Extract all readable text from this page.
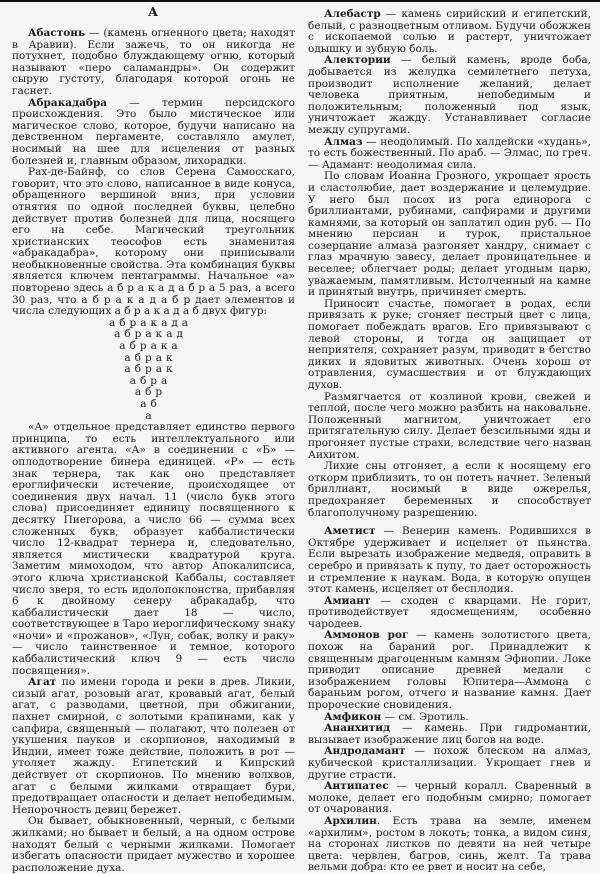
А

Абастонь — (камень огненного цвета; находят в Аравии). Если зажечь, то он никогда не потухнет, подобно блуждающему огню, который называют «перо саламандры». Он содержит сырую густоту, благодаря которой огонь не гаснет.

Абракадабра — термин персидского происхождения. Это было мистическое или магическое слово, которое, будучи написано на девственном пергаменте, составляло амулет, носимый на шее для исцеления от разных болезней и, главным образом, лихорадки.

Рах-де-Байнф, со слов Серена Самосскаго, говорит, что это слово, написанное в виде конуса, обращенного вершиной вниз, при условии отнятия по одной последней буквы, целебно действует против болезней для лица, носящего его на себе. Магический треугольник христианских теософов есть знаменитая «абракадабра», которому они приписывали необыкновенные свойства. Эта комбинация буквы является ключем пентаграммы. Начальное «а» повторено здесь а б р а к а д а б р а 5 раз, а всего 30 раз, что а б р а к а д а б р дает элементов и числа следующих а б р а к а д а б двух фигур:

абракада
абракад
абрака
абрак
абрак
абра
абр
аб
а

«А» отдельное представляет единство первого принципа, то есть интеллектуального или активного агента. «А» в соединении с «Б» — оплодотворение бинера единицей. «Р» — есть знак тернера, так как оно представляет ероглифически истечение, происходящее от соединения двух начал. 11 (число букв этого слова) присоединяет единицу посвященного к десятку Пиегорова, а число 66 — сумма всех сложенных букв, образует каббалистически число 12-квадрат тернера и, следовательно, является мистически квадратурой круга. Заметим мимоходом, что автор Апокалипсиса, этого ключа христианской Каббалы, составляет число зверя, то есть идолопоклонства, прибавляя 6 к двойному сенеру абракадабр, что каббалистически дает 18 — число, соответствующее в Таро иероглифическому знаку «ночи» и «прожанов», «Лун, собак, волку и раку» — число таинственное и темное, которого каббалистический ключ 9 — есть число посвящения».

Агат по имени города и реки в древ. Ликии, сизый агат, розовый агат, кровавый агат, белый агат, с разводами, цветной, при обжигании, пахнет смирной, с золотыми крапинами, как у сапфира, священный — полагают, что полезен от укушения пауков и скорпионов, находимый в Индии, имеет тоже действие, положить в рот — утоляет жажду. Египетский и Кипрский действует от скорпионов. По мнению волхвов, агат с белыми жилками отвращает бури, предотвращает опасности и делает непобедимым. Непорочность девиц бережет.

Он бывает, обыкновенный, черный, с белыми жилками; но бывает и белый, а на одном острове находят белый с черными жилками. Помогает избегать опасности придает мужество и хорошее расположение духа.

Алебастр — камень сирийский и египетский, белый, с разноцветным отливом. Будучи обожжен с ископаемой солью и растерт, уничтожает одышку и зубную боль.

Алектории — белый камень, вроде боба, добывается из желудка семилетнего петуха, производит исполнение желаний, делает человека приятным, непобедимым и положительным; положенный под язык, уничтожает жажду. Устанавливает согласие между супругами.

Алмаз — неодолимый. По халдейски «худань», то есть божественный. По араб. — Элмас, по греч. — Адамант: неодолимая сила.

По словам Иоанна Грозного, укрощает ярость и сластолюбие, дает воздержание и целемудрие. У него был посох из рога единорога с бриллиантами, рубинами, сапфирами и другими камнями, за который он заплатил один руб. — По мнению персиан и турок, пристальное созерцание алмаза разгоняет хандру, снимает с глаз мрачную завесу, делает проницательнее и веселее; облегчает роды; делает угодным царю, уважаемым, памятливым. Истолченный на камне и принятый внутрь, причиняет смерть.

Приносит счастье, помогает в родах, если привязать к руке; сгоняет пестрый цвет с лица, помогает побеждать врагов. Его привязывают с левой стороны, и тогда он защищает от неприятеля, сохраняет разум, приводит в бегство диких и ядовитых животных. Очень хорош от отравления, сумасшествия и от блуждающих духов.

Размягчается от козлиной крови, свежей и теплой, после чего можно разбить на наковальне. Положенный магнитом, уничтожает его притягательную силу. Делает безсильными яды и прогоняет пустые страхи, вследствие чего назван Аихитом.

Лихие сны отгоняет, а если к носящему его откорм приблизить, то он потеть начнет. Зеленый бриллиант, носимый в виде ожерелья, предохраняет беременных и способствует благополучному разрешению.

Аметист — Венерин камень. Родившихся в Октябре удерживает и исцеляет от пьянства. Если вырезать изображение медведя, оправить в серебро и привязать к пупу, то дает осторожность и стремление к наукам. Вода, в которую опущен этот камень, исцеляет от бесплодия.

Амиант — сходен с кварцами. Не горит, противодействует ядосмещениям, особенно чародеев.

Аммонов рог — камень золотистого цвета, похож на бараний рог. Принадлежит к священным драгоценным камням Эфиопии. Локе приводит описание древней медали с изображением головы Юпитера—Аммона с бараньим рогом, отчего и название камня. Дает пророческие сновидения.

Амфикон — см. Эротиль.

Ананхитид — камень. При гидромантии, вызывает изображение лиц богов на воде.

Андродамант — похож блеском на алмаз, кубической кристаллизации. Укрощает гнев и другие страсти.

Антипатес — черный коралл. Сваренный в молоке, делает его подобным смирно; помогает от очарования.

Архилин. Есть трава на земле, именем «архилим», ростом в локоть; тонка, а видом синя, на сторонах листков по девяти на ней четыре цвета: червлен, багров, синь, желт. Та трава вельми добра: кто ее рвет и носит на себе,
